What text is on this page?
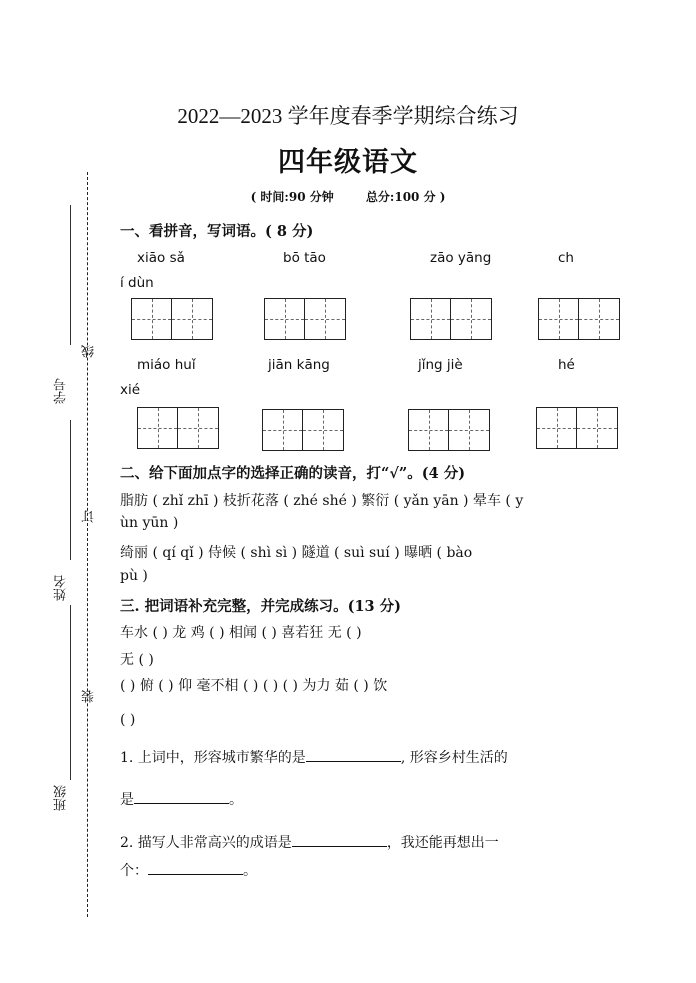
学号
线
姓名
订
班级
装
2022—2023 学年度春季学期综合练习
四年级语文
( 时间:90 分钟	总分:100 分 )
一、看拼音，写词语。( 8 分)
xiāo sǎ	bō tāo	zāo yāng	ch
í dùn
miáo huǐ	jiān kāng	jǐng jiè	hé
xié
二、给下面加点字的选择正确的读音，打“√”。(4 分)
脂肪 ( zhǐ zhī ) 枝折花落 ( zhé shé ) 繁衍 ( yǎn yān ) 晕车 ( y
ùn yūn )
绮丽 ( qí qǐ ) 侍候 ( shì sì ) 隧道 ( suì suí ) 曝晒 ( bào
pù )
三. 把词语补充完整，并完成练习。(13 分)
车水 ( ) 龙 鸡 ( ) 相闻 ( ) 喜若狂 无 ( )
无 ( )
( ) 俯 ( ) 仰 毫不相 ( ) ( ) ( ) 为力 茹 ( ) 饮
( )
1. 上词中，形容城市繁华的是	, 形容乡村生活的
是	。
2. 描写人非常高兴的成语是	，我还能再想出一
个：	。
